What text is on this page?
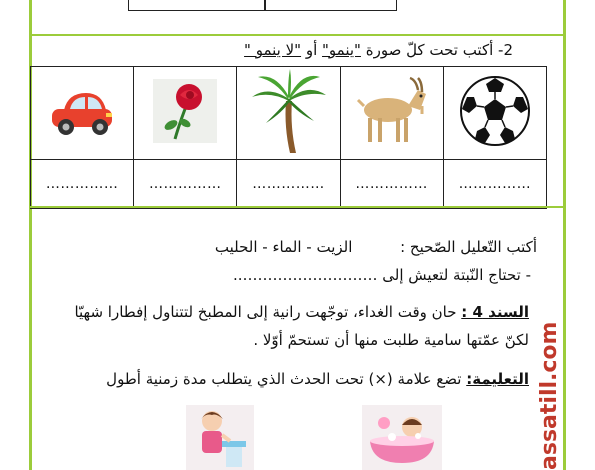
2- أكتب تحت كلّ صورة "ينمو" أو "لا ينمو "

……………	……………	……………	……………	……………
أكتب التّعليل الصّحيح :          الزيت - الماء - الحليب
- تحتاج النّبتة لتعيش إلى ………………………..
السند 4 : حان وقت الغداء، توجّهت رانية إلى المطبخ لتتناول إفطارا شهيّا
لكنّ عمّتها سامية طلبت منها أن تستحمّ أوّلا .
التعليمة: تضع علامة (×) تحت الحدث الذي يتطلب مدة زمنية أطول	assatill.com
